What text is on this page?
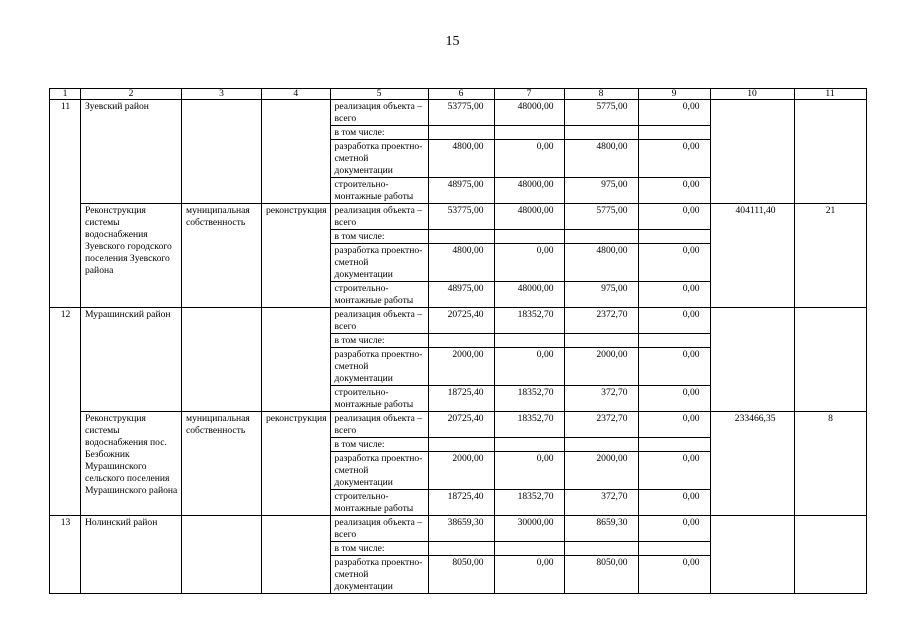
15
1	2	3	4	5	6	7	8	9	10	11
11	Зуевский район			реализация объекта – всего	53775,00	48000,00	5775,00	0,00		
				в том числе:						
				разработка проектно-сметной документации	4800,00	0,00	4800,00	0,00		
				строительно-монтажные работы	48975,00	48000,00	975,00	0,00		
	Реконструкция системы водоснабжения Зуевского городского поселения Зуевского района	муниципальная собственность	реконструкция	реализация объекта – всего	53775,00	48000,00	5775,00	0,00	404111,40	21
				в том числе:						
				разработка проектно-сметной документации	4800,00	0,00	4800,00	0,00		
				строительно-монтажные работы	48975,00	48000,00	975,00	0,00		
12	Мурашинский район			реализация объекта – всего	20725,40	18352,70	2372,70	0,00		
				в том числе:						
				разработка проектно-сметной документации	2000,00	0,00	2000,00	0,00		
				строительно-монтажные работы	18725,40	18352,70	372,70	0,00		
	Реконструкция системы водоснабжения пос. Безбожник Мурашинского сельского поселения Мурашинского района	муниципальная собственность	реконструкция	реализация объекта – всего	20725,40	18352,70	2372,70	0,00	233466,35	8
				в том числе:						
				разработка проектно-сметной документации	2000,00	0,00	2000,00	0,00		
				строительно-монтажные работы	18725,40	18352,70	372,70	0,00		
13	Нолинский район			реализация объекта – всего	38659,30	30000,00	8659,30	0,00		
				в том числе:						
				разработка проектно-сметной документации	8050,00	0,00	8050,00	0,00		
